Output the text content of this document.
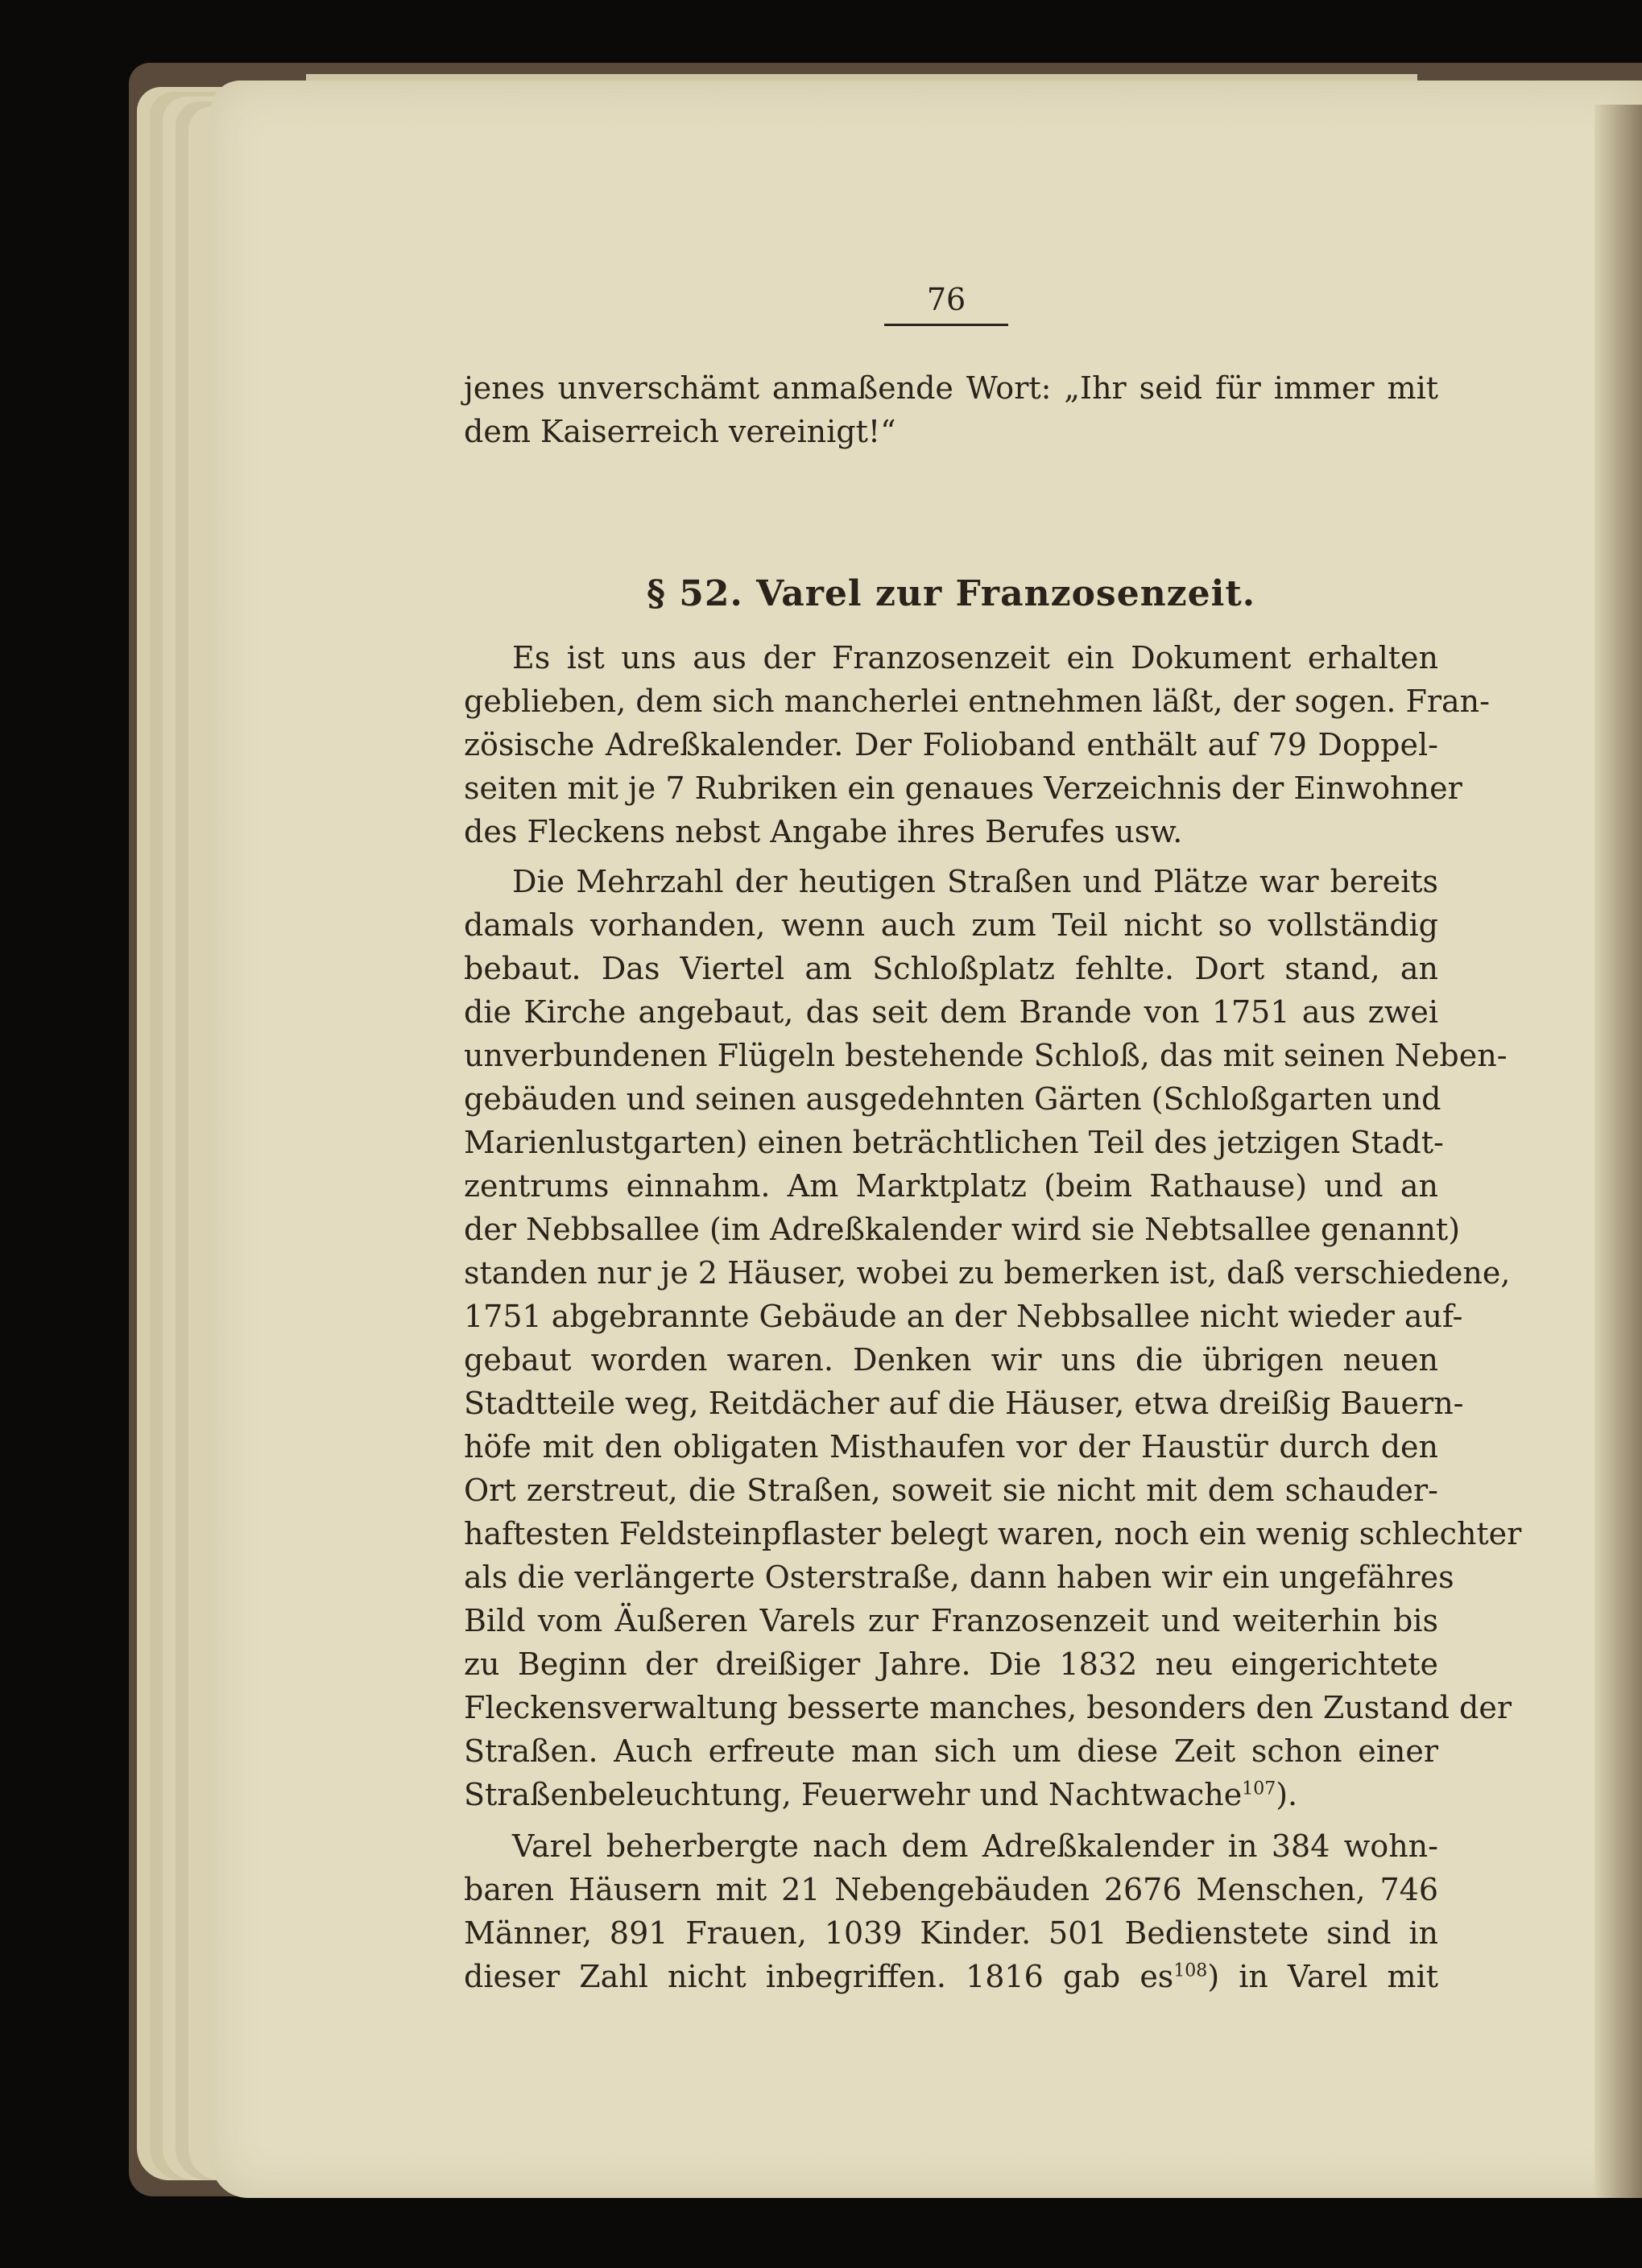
76
jenes unverschämt anmaßende Wort: „Ihr seid für immer mit
dem Kaiserreich vereinigt!“
§ 52. Varel zur Franzosenzeit.
Es ist uns aus der Franzosenzeit ein Dokument erhalten
geblieben, dem sich mancherlei entnehmen läßt, der sogen. Fran-
zösische Adreßkalender. Der Folioband enthält auf 79 Doppel-
seiten mit je 7 Rubriken ein genaues Verzeichnis der Einwohner
des Fleckens nebst Angabe ihres Berufes usw.
Die Mehrzahl der heutigen Straßen und Plätze war bereits
damals vorhanden, wenn auch zum Teil nicht so vollständig
bebaut. Das Viertel am Schloßplatz fehlte. Dort stand, an
die Kirche angebaut, das seit dem Brande von 1751 aus zwei
unverbundenen Flügeln bestehende Schloß, das mit seinen Neben-
gebäuden und seinen ausgedehnten Gärten (Schloßgarten und
Marienlustgarten) einen beträchtlichen Teil des jetzigen Stadt-
zentrums einnahm. Am Marktplatz (beim Rathause) und an
der Nebbsallee (im Adreßkalender wird sie Nebtsallee genannt)
standen nur je 2 Häuser, wobei zu bemerken ist, daß verschiedene,
1751 abgebrannte Gebäude an der Nebbsallee nicht wieder auf-
gebaut worden waren. Denken wir uns die übrigen neuen
Stadtteile weg, Reitdächer auf die Häuser, etwa dreißig Bauern-
höfe mit den obligaten Misthaufen vor der Haustür durch den
Ort zerstreut, die Straßen, soweit sie nicht mit dem schauder-
haftesten Feldsteinpflaster belegt waren, noch ein wenig schlechter
als die verlängerte Osterstraße, dann haben wir ein ungefähres
Bild vom Äußeren Varels zur Franzosenzeit und weiterhin bis
zu Beginn der dreißiger Jahre. Die 1832 neu eingerichtete
Fleckensverwaltung besserte manches, besonders den Zustand der
Straßen. Auch erfreute man sich um diese Zeit schon einer
Straßenbeleuchtung, Feuerwehr und Nachtwache$^{107}$).
Varel beherbergte nach dem Adreßkalender in 384 wohn-
baren Häusern mit 21 Nebengebäuden 2676 Menschen, 746
Männer, 891 Frauen, 1039 Kinder. 501 Bedienstete sind in
dieser Zahl nicht inbegriffen. 1816 gab $es^{108}$) in Varel mit
